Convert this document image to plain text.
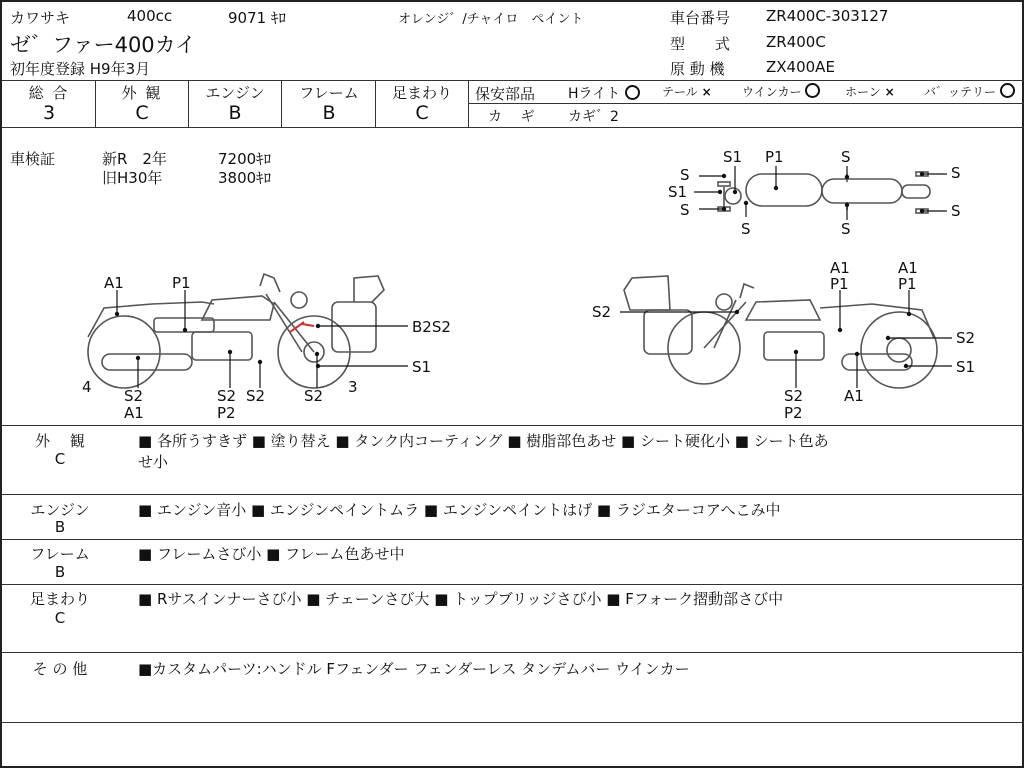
カワサキ	400cc	9071 ｷﾛ	オレンジ゛/チャイロ　ペイント
ゼ゛ファー400カイ
初年度登録 H9年3月
車台番号 ZR400C-303127
型　　式 ZR400C
原 動 機	ZX400AE
総 合
3
外 観
C
エンジン
B
フレーム
B
足まわり
C
保安部品 Hライト	テール ×	ウインカー	ホーン × バ゛ッテリー
カ　 ギ カギ゛2
車検証	新R　2年	7200ｷﾛ
旧H30年	3800ｷﾛ
S1 P1	S
S
S1
S
S	S
S
S
A1	P1
B2S2
S1
4 S2
A1
S2
P2
S2	S2 3
A1
P1
A1
P1
S2
S2
S1
S2
P2
A1
外　 観
C
■ 各所うすきず ■ 塗り替え ■ タンク内コーティング ■ 樹脂部色あせ ■ シート硬化小 ■ シート色あ
せ小
エンジン
B
■ エンジン音小 ■ エンジンペイントムラ ■ エンジンペイントはげ ■ ラジエターコアへこみ中
フレーム
B
■ フレームさび小 ■ フレーム色あせ中
足まわり
C
■ Rサスインナーさび小 ■ チェーンさび大 ■ トップブリッジさび小 ■ Fフォーク摺動部さび中
そ の 他	■カスタムパーツ:ハンドル Fフェンダー フェンダーレス タンデムバー ウインカー
